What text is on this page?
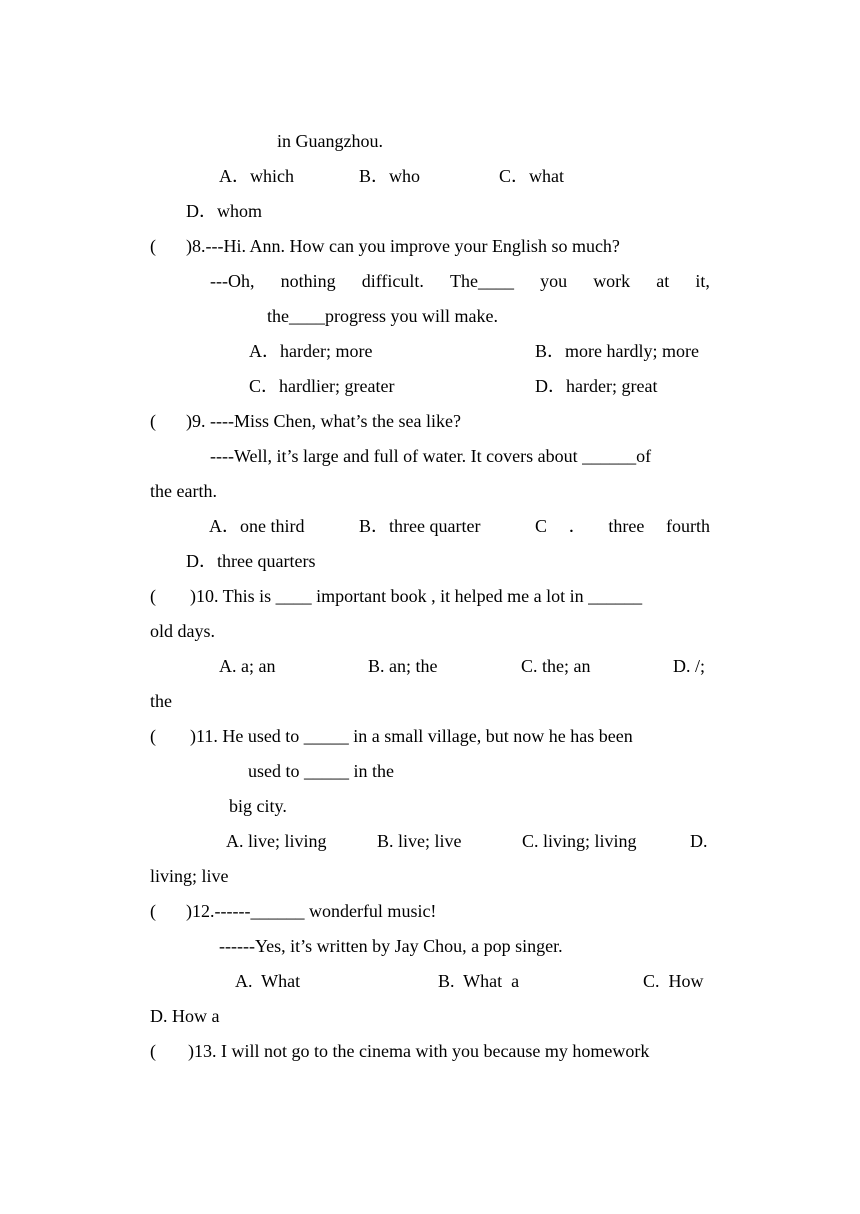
in Guangzhou.
A．which	B．who	C．what
D．whom
( )8.---Hi. Ann. How can you improve your English so much?
---Oh, nothing difficult. The____ you work at it,
the____progress you will make.
A．harder; more	B．more hardly; more
C．hardlier; greater	D．harder; great
( )9. ----Miss Chen, what’s the sea like?
----Well, it’s large and full of water. It covers about ______of
the earth.
A．one third	B．three quarter	C ． three fourth
D．three quarters
( )10. This is ____ important book , it helped me a lot in ______
old days.
A. a; an	B. an; the	C. the; an	D. /;
the
( )11. He used to _____ in a small village, but now he has been
used to _____ in the
big city.
A. live; living	B. live; live	C. living; living	D.
living; live
( )12.------______ wonderful music!
------Yes, it’s written by Jay Chou, a pop singer.
A.  What	B.  What  a	C.  How
D. How a
( )13. I will not go to the cinema with you because my homework
